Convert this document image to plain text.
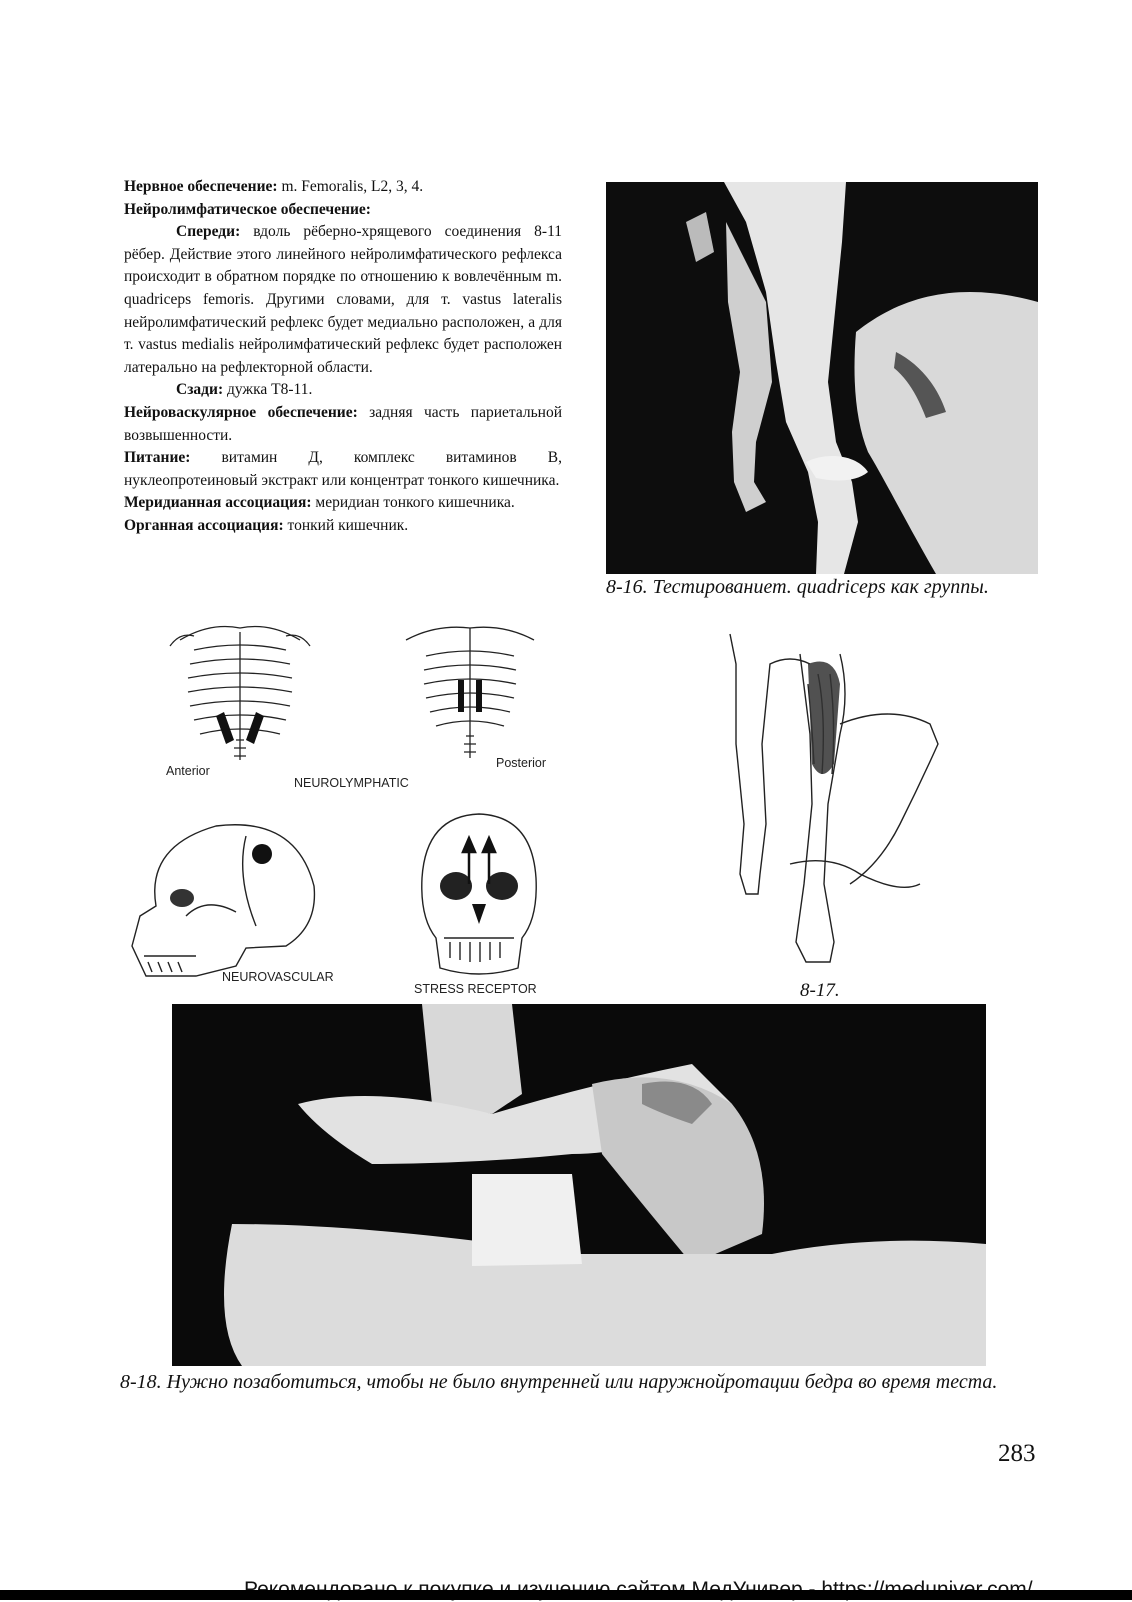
Нервное обеспечение: m. Femoralis, L2, 3, 4.

Нейролимфатическое обеспечение:

Спереди: вдоль рёберно-хрящевого соединения 8-11 рёбер. Действие этого линейного нейролимфатического рефлекса происходит в обратном порядке по отношению к вовлечённым m. quadriceps femoris. Другими словами, для т. vastus lateralis нейролимфатический рефлекс будет медиально расположен, а для т. vastus medialis нейролимфатический рефлекс будет расположен латерально на рефлекторной области.

Сзади: дужка Т8-11.

Нейроваскулярное обеспечение: задняя часть париетальной возвышенности.

Питание: витамин Д, комплекс витаминов В, нуклеопротеиновый экстракт или концентрат тонкого кишечника.

Меридианная ассоциация: меридиан тонкого кишечника.

Органная ассоциация: тонкий кишечник.

8-16. Тестированиет. quadriceps как группы.
Anterior
Posterior
NEUROLYMPHATIC
NEUROVASCULAR
STRESS RECEPTOR	8-17.
8-18. Нужно позаботиться, чтобы не было внутренней или наружнойротации бедра во время теста.
283
